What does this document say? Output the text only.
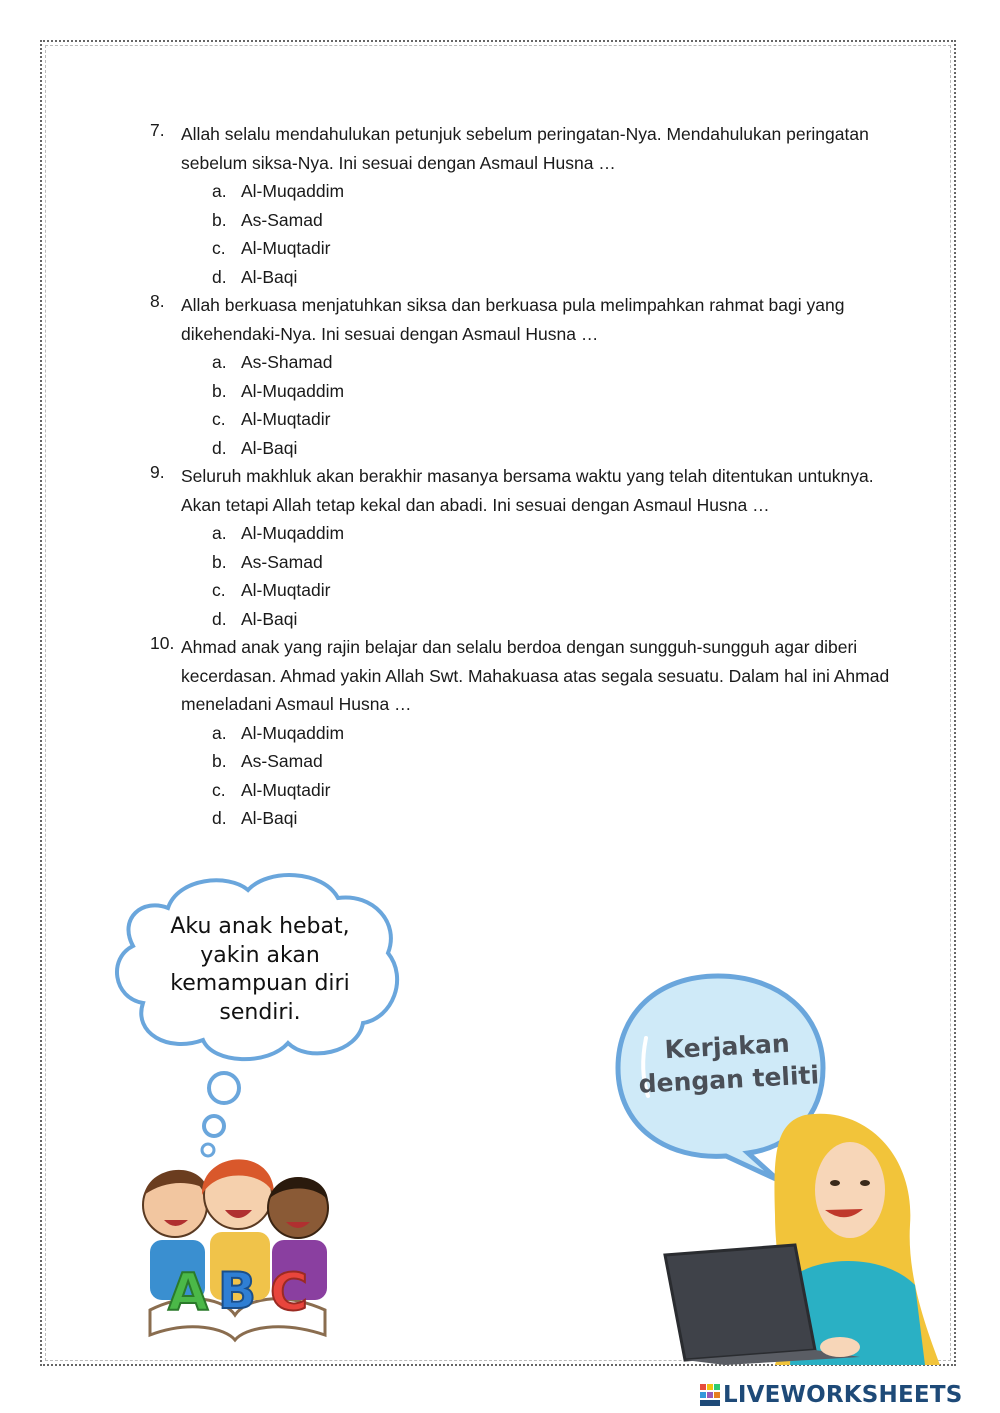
7. Allah selalu mendahulukan petunjuk sebelum peringatan-Nya. Mendahulukan peringatan sebelum siksa-Nya. Ini sesuai dengan Asmaul Husna …
a. Al-Muqaddim
b. As-Samad
c. Al-Muqtadir
d. Al-Baqi
8. Allah berkuasa menjatuhkan siksa dan berkuasa pula melimpahkan rahmat bagi yang dikehendaki-Nya. Ini sesuai dengan Asmaul Husna …
a. As-Shamad
b. Al-Muqaddim
c. Al-Muqtadir
d. Al-Baqi
9. Seluruh makhluk akan berakhir masanya bersama waktu yang telah ditentukan untuknya. Akan tetapi Allah tetap kekal dan abadi. Ini sesuai dengan Asmaul Husna …
a. Al-Muqaddim
b. As-Samad
c. Al-Muqtadir
d. Al-Baqi
10. Ahmad anak yang rajin belajar dan selalu berdoa dengan sungguh-sungguh agar diberi kecerdasan. Ahmad yakin Allah Swt. Mahakuasa atas segala sesuatu. Dalam hal ini Ahmad meneladani Asmaul Husna …
a. Al-Muqaddim
b. As-Samad
c. Al-Muqtadir
d. Al-Baqi
Aku anak hebat,
yakin akan
kemampuan diri
sendiri.
A B C
Kerjakan
dengan teliti
LIVEWORKSHEETS
